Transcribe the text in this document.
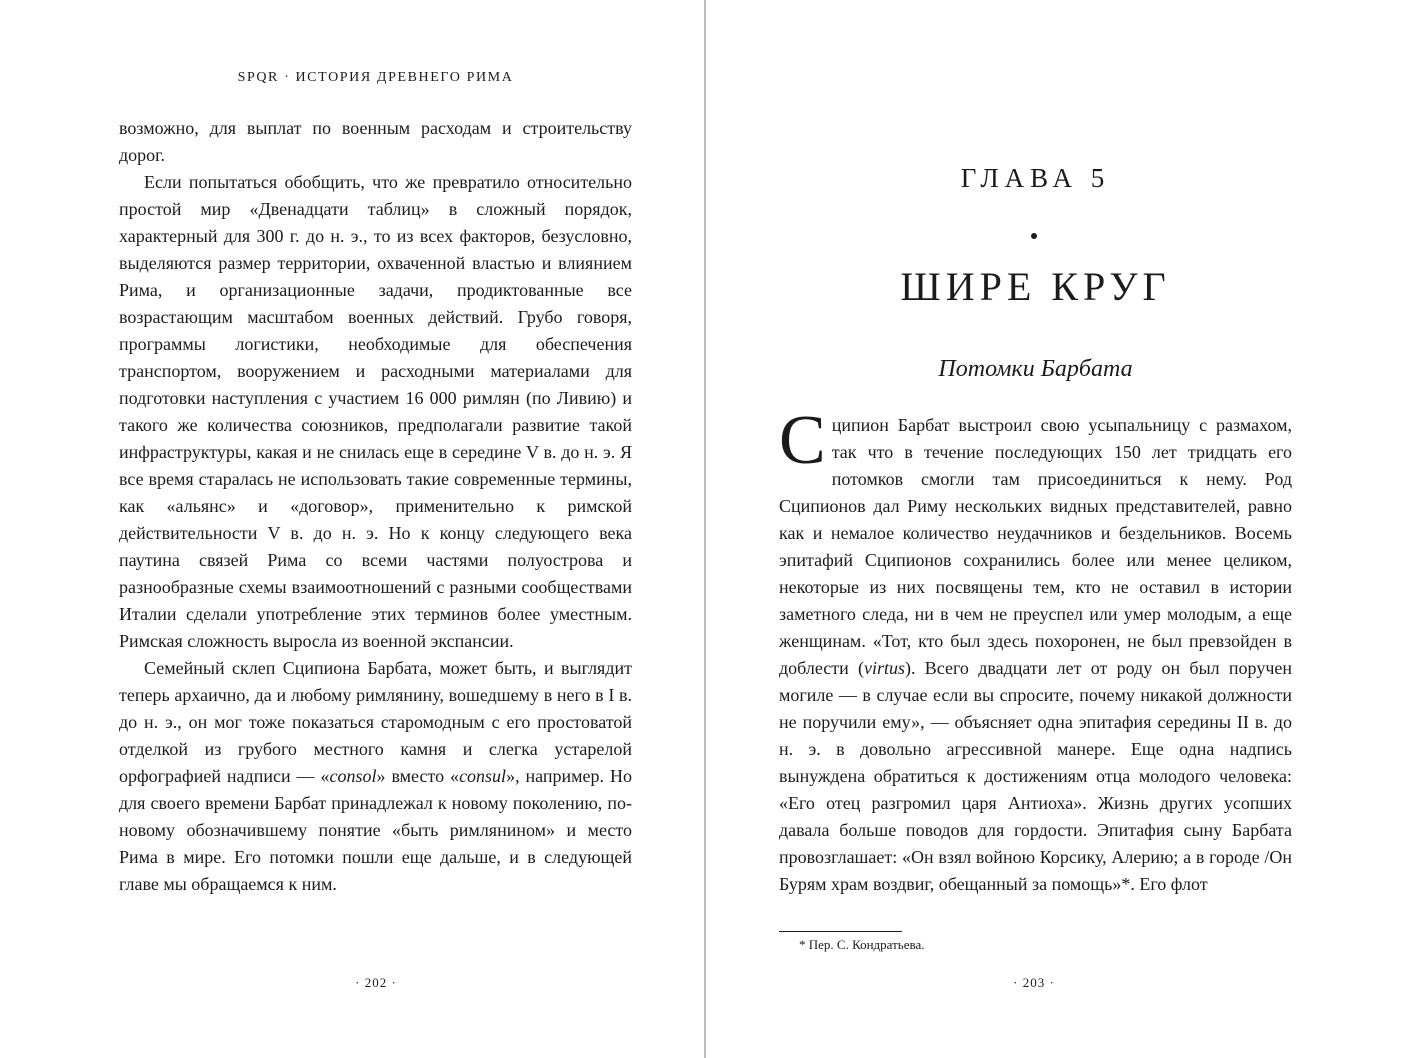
SPQR · ИСТОРИЯ ДРЕВНЕГО РИМА

возможно, для выплат по военным расходам и строительству дорог.

Если попытаться обобщить, что же превратило относительно простой мир «Двенадцати таблиц» в сложный порядок, характерный для 300 г. до н. э., то из всех факторов, безусловно, выделяются размер территории, охваченной властью и влиянием Рима, и организационные задачи, продиктованные все возрастающим масштабом военных действий. Грубо говоря, программы логистики, необходимые для обеспечения транспортом, вооружением и расходными материалами для подготовки наступления с участием 16 000 римлян (по Ливию) и такого же количества союзников, предполагали развитие такой инфраструктуры, какая и не снилась еще в середине V в. до н. э. Я все время старалась не использовать такие современные термины, как «альянс» и «договор», применительно к римской действительности V в. до н. э. Но к концу следующего века паутина связей Рима со всеми частями полуострова и разнообразные схемы взаимоотношений с разными сообществами Италии сделали употребление этих терминов более уместным. Римская сложность выросла из военной экспансии.

Семейный склеп Сципиона Барбата, может быть, и выглядит теперь архаично, да и любому римлянину, вошедшему в него в I в. до н. э., он мог тоже показаться старомодным с его простоватой отделкой из грубого местного камня и слегка устарелой орфографией надписи — «consol» вместо «consul», например. Но для своего времени Барбат принадлежал к новому поколению, по-новому обозначившему понятие «быть римлянином» и место Рима в мире. Его потомки пошли еще дальше, и в следующей главе мы обращаемся к ним.

· 202 ·
ГЛАВА 5
ШИРЕ КРУГ
Потомки Барбата
Сципион Барбат выстроил свою усыпальницу с размахом, так что в течение последующих 150 лет тридцать его потомков смогли там присоединиться к нему. Род Сципионов дал Риму нескольких видных представителей, равно как и немалое количество неудачников и бездельников. Восемь эпитафий Сципионов сохранились более или менее целиком, некоторые из них посвящены тем, кто не оставил в истории заметного следа, ни в чем не преуспел или умер молодым, а еще женщинам. «Тот, кто был здесь похоронен, не был превзойден в доблести (virtus). Всего двадцати лет от роду он был поручен могиле — в случае если вы спросите, почему никакой должности не поручили ему», — объясняет одна эпитафия середины II в. до н. э. в довольно агрессивной манере. Еще одна надпись вынуждена обратиться к достижениям отца молодого человека: «Его отец разгромил царя Антиоха». Жизнь других усопших давала больше поводов для гордости. Эпитафия сыну Барбата провозглашает: «Он взял войною Корсику, Алерию; а в городе /Он Бурям храм воздвиг, обещанный за помощь»*. Его флот
* Пер. С. Кондратьева.
· 203 ·
